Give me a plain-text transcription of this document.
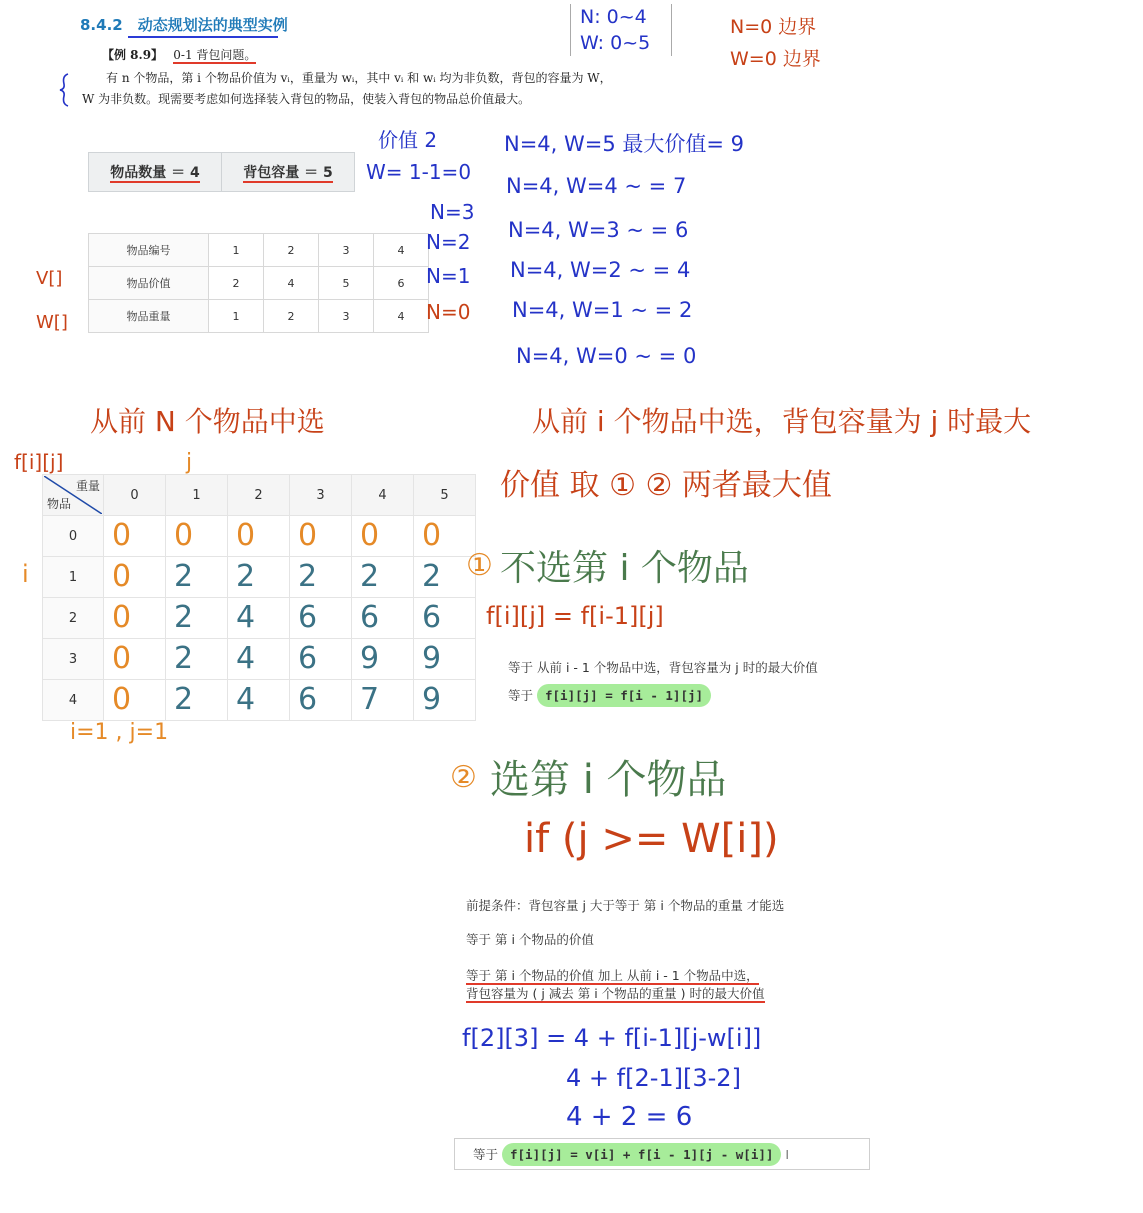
8.4.2　动态规划法的典型实例
【例 8.9】 0-1 背包问题。
有 n 个物品，第 i 个物品价值为 vᵢ，重量为 wᵢ，其中 vᵢ 和 wᵢ 均为非负数，背包的容量为 W，W 为非负数。现需要考虑如何选择装入背包的物品，使装入背包的物品总价值最大。
物品数量 ＝ 4	背包容量 ＝ 5
物品编号	1	2	3	4
物品价值	2	4	5	6
物品重量	1	2	3	4
N: 0~4
W: 0~5
N=0 边界
W=0 边界
V[]
W[]
价值 2
W= 1-1=0
N=3
N=2
N=1
N=0
N=4, W=5 最大价值= 9
N=4, W=4 ~ = 7
N=4, W=3 ~ = 6
N=4, W=2 ~ = 4
N=4, W=1 ~ = 2
N=4, W=0 ~ = 0
从前 N 个物品中选	从前 i 个物品中选，背包容量为 j 时最大
价值 取 ① ② 两者最大值
f[i][j]	j
i
重量
物品	0	1	2	3	4	5
0	0	0	0	0	0	0

1	0	2	2	2	2	2

2	0	2	4	6	6	6

3	0	2	4	6	9	9

4	0	2	4	6	7	9
i=1 , j=1
① 不选第 i 个物品
f[i][j] = f[i-1][j]
等于 从前 i - 1 个物品中选，背包容量为 j 时的最大价值
等于 f[i][j] = f[i - 1][j]
② 选第 i 个物品
if (j >= W[i])
前提条件：背包容量 j 大于等于 第 i 个物品的重量 才能选
等于 第 i 个物品的价值
等于 第 i 个物品的价值 加上 从前 i - 1 个物品中选，
背包容量为 ( j 减去 第 i 个物品的重量 ) 时的最大价值
f[2][3] = 4 + f[i-1][j-w[i]]
4 + f[2-1][3-2]
4 + 2 = 6
等于 f[i][j] = v[i] + f[i - 1][j - w[i]] I
